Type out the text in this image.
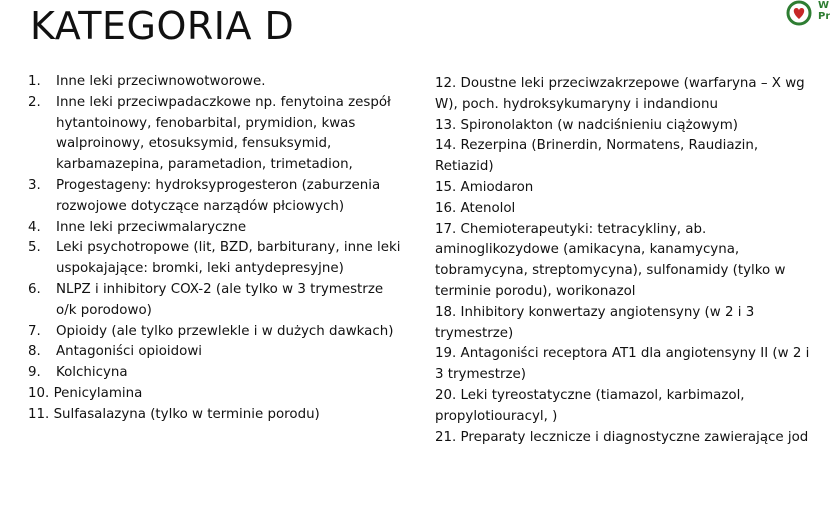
KATEGORIA D	W
Pr
1. Inne leki przeciwnowotworowe.
2. Inne leki przeciwpadaczkowe np. fenytoina zespół hytantoinowy, fenobarbital, prymidion, kwas walproinowy, etosuksymid, fensuksymid, karbamazepina, parametadion, trimetadion,
3. Progestageny: hydroksyprogesteron (zaburzenia rozwojowe dotyczące narządów płciowych)
4. Inne leki przeciwmalaryczne
5. Leki psychotropowe (lit, BZD, barbiturany, inne leki uspokajające: bromki, leki antydepresyjne)
6. NLPZ i inhibitory COX-2 (ale tylko w 3 trymestrze o/k porodowo)
7. Opioidy (ale tylko przewlekle i w dużych dawkach)
8. Antagoniści opioidowi
9. Kolchicyna
10. Penicylamina
11. Sulfasalazyna (tylko w terminie porodu)
12. Doustne leki przeciwzakrzepowe (warfaryna – X wg W), poch. hydroksykumaryny i indandionu
13. Spironolakton (w nadciśnieniu ciążowym)
14. Rezerpina (Brinerdin, Normatens, Raudiazin, Retiazid)
15. Amiodaron
16. Atenolol
17. Chemioterapeutyki: tetracykliny, ab. aminoglikozydowe (amikacyna, kanamycyna, tobramycyna, streptomycyna), sulfonamidy (tylko w terminie porodu), worikonazol
18. Inhibitory konwertazy angiotensyny (w 2 i 3 trymestrze)
19. Antagoniści receptora AT1 dla angiotensyny II (w 2 i 3 trymestrze)
20. Leki tyreostatyczne (tiamazol, karbimazol, propylotiouracyl, )
21. Preparaty lecznicze i diagnostyczne zawierające jod
